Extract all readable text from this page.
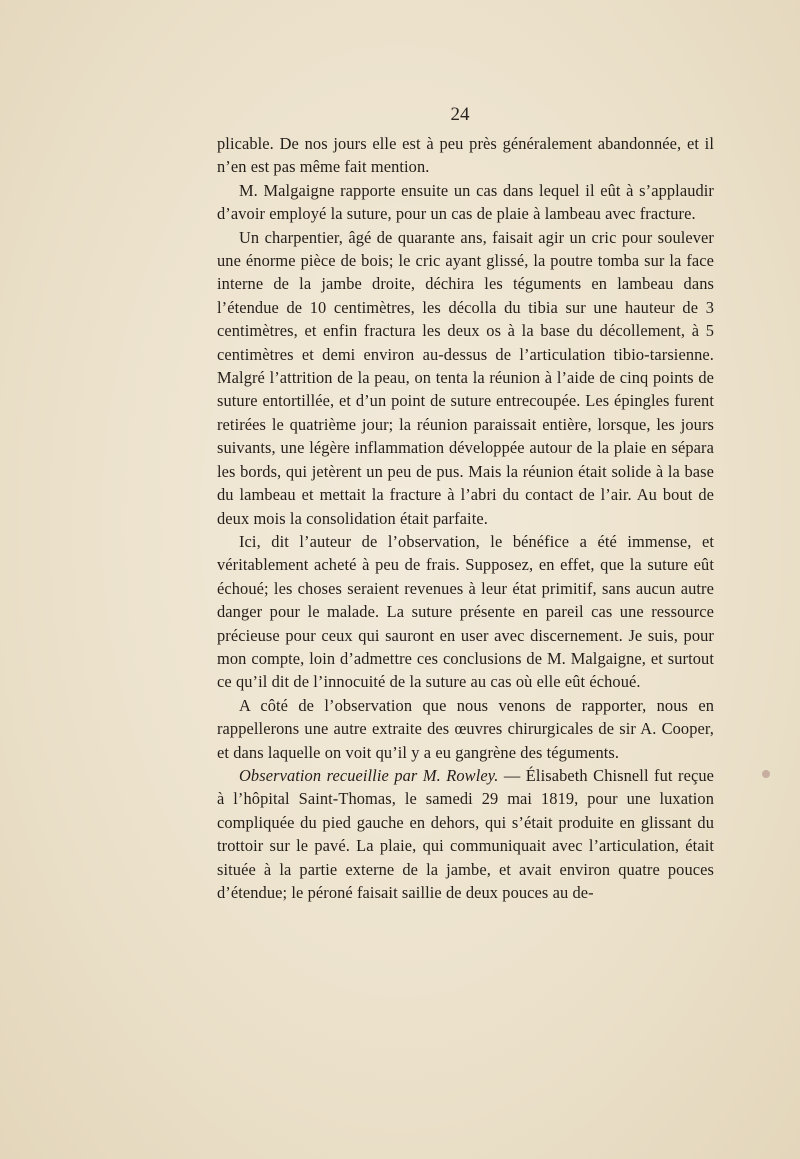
24

plicable. De nos jours elle est à peu près généralement abandonnée, et il n’en est pas même fait mention.

M. Malgaigne rapporte ensuite un cas dans lequel il eût à s’applaudir d’avoir employé la suture, pour un cas de plaie à lambeau avec fracture.

Un charpentier, âgé de quarante ans, faisait agir un cric pour soulever une énorme pièce de bois; le cric ayant glissé, la poutre tomba sur la face interne de la jambe droite, déchira les téguments en lambeau dans l’étendue de 10 centimètres, les décolla du tibia sur une hauteur de 3 centimètres, et enfin fractura les deux os à la base du décollement, à 5 centimètres et demi environ au-dessus de l’articulation tibio-tarsienne. Malgré l’attrition de la peau, on tenta la réunion à l’aide de cinq points de suture entortillée, et d’un point de suture entrecoupée. Les épingles furent retirées le quatrième jour; la réunion paraissait entière, lorsque, les jours suivants, une légère inflammation développée autour de la plaie en sépara les bords, qui jetèrent un peu de pus. Mais la réunion était solide à la base du lambeau et mettait la fracture à l’abri du contact de l’air. Au bout de deux mois la consolidation était parfaite.

Ici, dit l’auteur de l’observation, le bénéfice a été immense, et véritablement acheté à peu de frais. Supposez, en effet, que la suture eût échoué; les choses seraient revenues à leur état primitif, sans aucun autre danger pour le malade. La suture présente en pareil cas une ressource précieuse pour ceux qui sauront en user avec discernement. Je suis, pour mon compte, loin d’admettre ces conclusions de M. Malgaigne, et surtout ce qu’il dit de l’innocuité de la suture au cas où elle eût échoué.

A côté de l’observation que nous venons de rapporter, nous en rappellerons une autre extraite des œuvres chirurgicales de sir A. Cooper, et dans laquelle on voit qu’il y a eu gangrène des téguments.

Observation recueillie par M. Rowley. — Élisabeth Chisnell fut reçue à l’hôpital Saint-Thomas, le samedi 29 mai 1819, pour une luxation compliquée du pied gauche en dehors, qui s’était produite en glissant du trottoir sur le pavé. La plaie, qui communiquait avec l’articulation, était située à la partie externe de la jambe, et avait environ quatre pouces d’étendue; le péroné faisait saillie de deux pouces au de-
